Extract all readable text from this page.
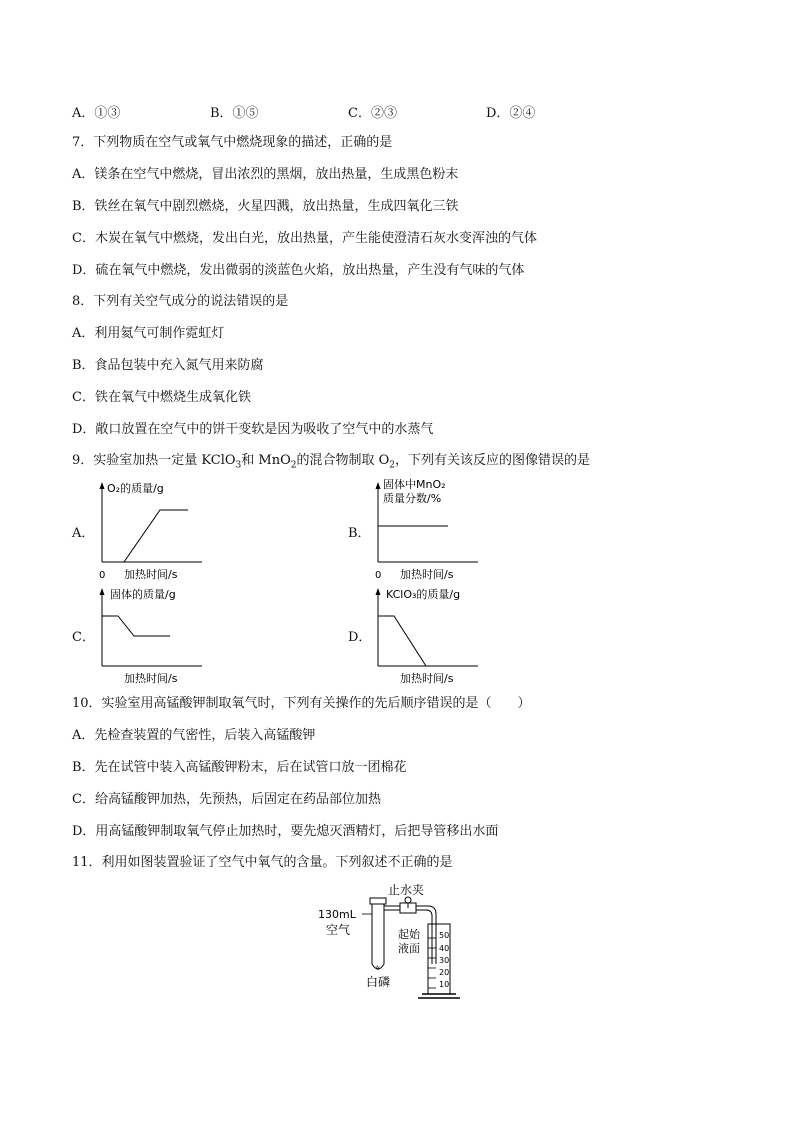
A．①③	B．①⑤	C．②③	D．②④
7．下列物质在空气或氧气中燃烧现象的描述，正确的是
A．镁条在空气中燃烧，冒出浓烈的黑烟，放出热量，生成黑色粉末
B．铁丝在氧气中剧烈燃烧，火星四溅，放出热量，生成四氧化三铁
C．木炭在氧气中燃烧，发出白光，放出热量，产生能使澄清石灰水变浑浊的气体
D．硫在氧气中燃烧，发出微弱的淡蓝色火焰，放出热量，产生没有气味的气体
8．下列有关空气成分的说法错误的是
A．利用氦气可制作霓虹灯
B．食品包装中充入氮气用来防腐
C．铁在氧气中燃烧生成氧化铁
D．敞口放置在空气中的饼干变软是因为吸收了空气中的水蒸气
9．实验室加热一定量 KClO$_3$和 MnO$_2$的混合物制取 $O_2$，下列有关该反应的图像错误的是
A．
O₂的质量/g
0 加热时间/s
B．
固体中MnO₂
质量分数/%
0 加热时间/s
C．
固体的质量/g
加热时间/s
D．
KClO₃的质量/g
加热时间/s
10．实验室用高锰酸钾制取氧气时，下列有关操作的先后顺序错误的是（　　）
A．先检查装置的气密性，后装入高锰酸钾
B．先在试管中装入高锰酸钾粉末，后在试管口放一团棉花
C．给高锰酸钾加热，先预热，后固定在药品部位加热
D．用高锰酸钾制取氧气停止加热时，要先熄灭酒精灯，后把导管移出水面
11．利用如图装置验证了空气中氧气的含量。下列叙述不正确的是
止水夹
130mL
空气	起始
液面
白磷
✲
50
40
30
20
10
